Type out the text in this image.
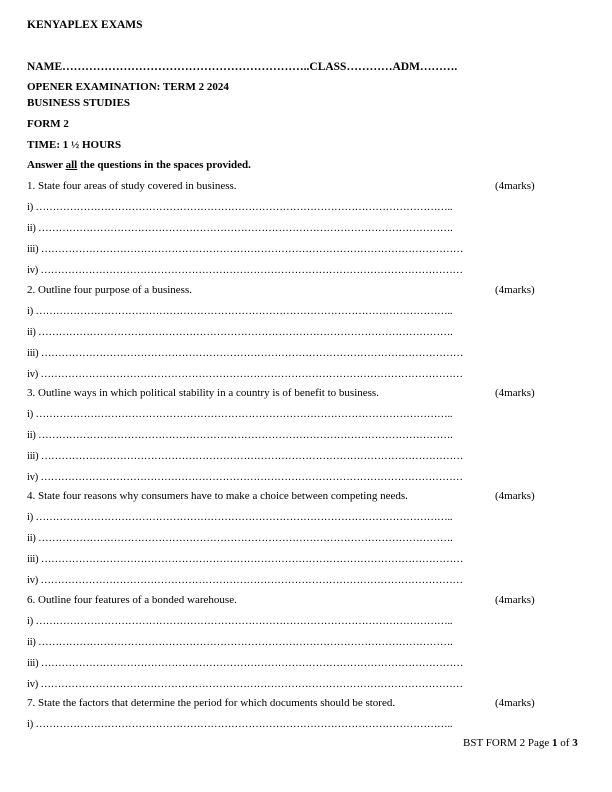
KENYAPLEX EXAMS
NAME………………………………………………………..CLASS…………ADM……….
OPENER EXAMINATION: TERM 2 2024
BUSINESS STUDIES
FORM 2
TIME: 1 ½ HOURS
Answer all the questions in the spaces provided.
1. State four areas of study covered in business.	(4marks)
i) …………………………………………………………………………………………………………..
ii) ………………………………………………………………………………………………………….
iii) ……………………………………………………………………………………………………………
iv) ……………………………………………………………………………………………………………
2. Outline four purpose of a business.	(4marks)
i) …………………………………………………………………………………………………………..
ii) ………………………………………………………………………………………………………….
iii) ……………………………………………………………………………………………………………
iv) ……………………………………………………………………………………………………………
3. Outline ways in which political stability in a country is of benefit to business.	(4marks)
i) …………………………………………………………………………………………………………..
ii) ………………………………………………………………………………………………………….
iii) ……………………………………………………………………………………………………………
iv) ……………………………………………………………………………………………………………
4. State four reasons why consumers have to make a choice between competing needs.	(4marks)
i) …………………………………………………………………………………………………………..
ii) ………………………………………………………………………………………………………….
iii) ……………………………………………………………………………………………………………
iv) ……………………………………………………………………………………………………………
6. Outline four features of a bonded warehouse.	(4marks)
i) …………………………………………………………………………………………………………..
ii) ………………………………………………………………………………………………………….
iii) ……………………………………………………………………………………………………………
iv) ……………………………………………………………………………………………………………
7. State the factors that determine the period for which documents should be stored.	(4marks)
i) …………………………………………………………………………………………………………..
BST FORM 2 Page 1 of 3
